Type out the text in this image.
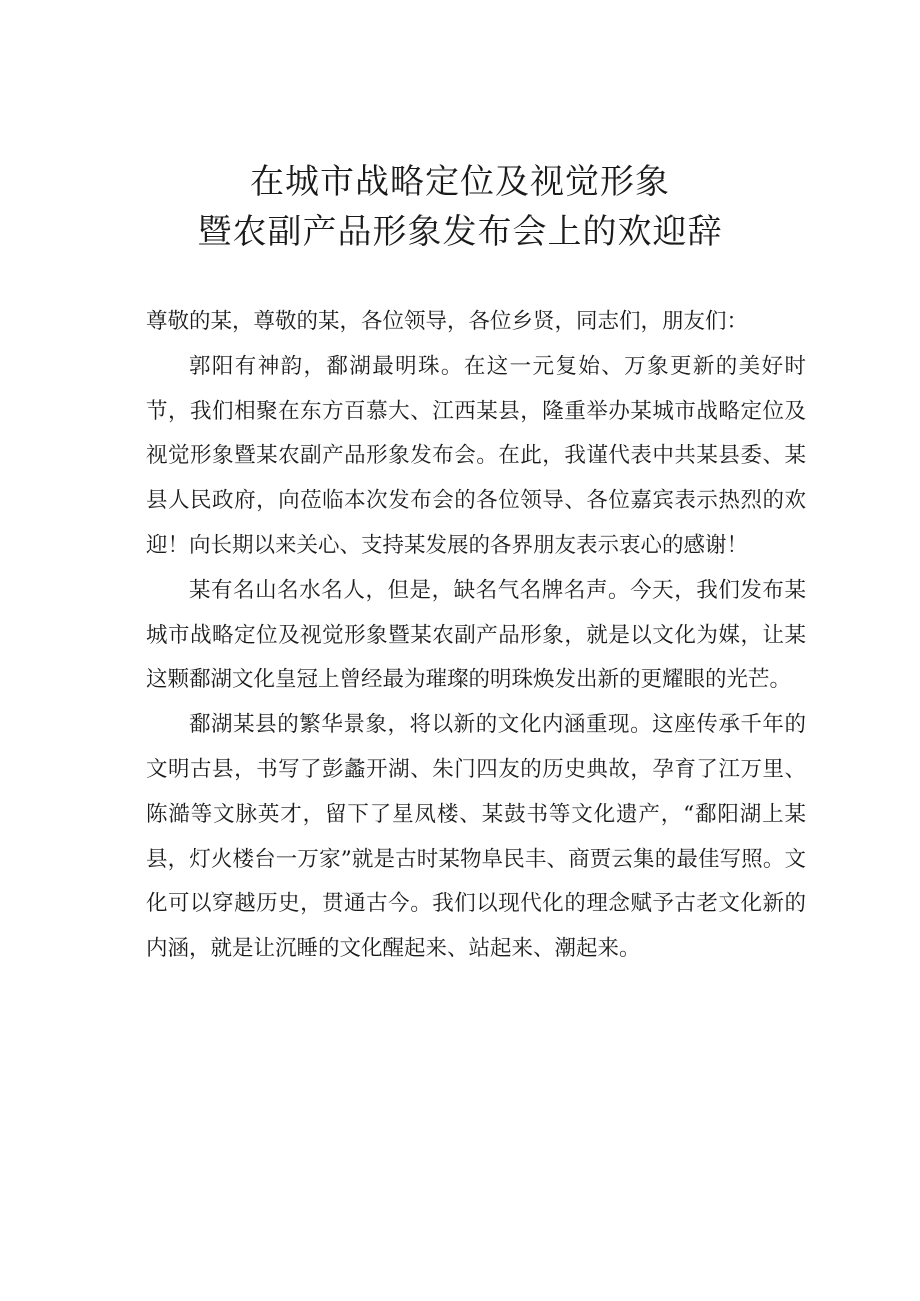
在城市战略定位及视觉形象
暨农副产品形象发布会上的欢迎辞

尊敬的某，尊敬的某，各位领导，各位乡贤，同志们，朋友们：

郭阳有神韵，鄱湖最明珠。在这一元复始、万象更新的美好时节，我们相聚在东方百慕大、江西某县，隆重举办某城市战略定位及视觉形象暨某农副产品形象发布会。在此，我谨代表中共某县委、某县人民政府，向莅临本次发布会的各位领导、各位嘉宾表示热烈的欢迎！向长期以来关心、支持某发展的各界朋友表示衷心的感谢！

某有名山名水名人，但是，缺名气名牌名声。今天，我们发布某城市战略定位及视觉形象暨某农副产品形象，就是以文化为媒，让某这颗鄱湖文化皇冠上曾经最为璀璨的明珠焕发出新的更耀眼的光芒。

鄱湖某县的繁华景象，将以新的文化内涵重现。这座传承千年的文明古县，书写了彭蠡开湖、朱门四友的历史典故，孕育了江万里、陈澔等文脉英才，留下了星凤楼、某鼓书等文化遗产，“鄱阳湖上某县，灯火楼台一万家”就是古时某物阜民丰、商贾云集的最佳写照。文化可以穿越历史，贯通古今。我们以现代化的理念赋予古老文化新的内涵，就是让沉睡的文化醒起来、站起来、潮起来。
